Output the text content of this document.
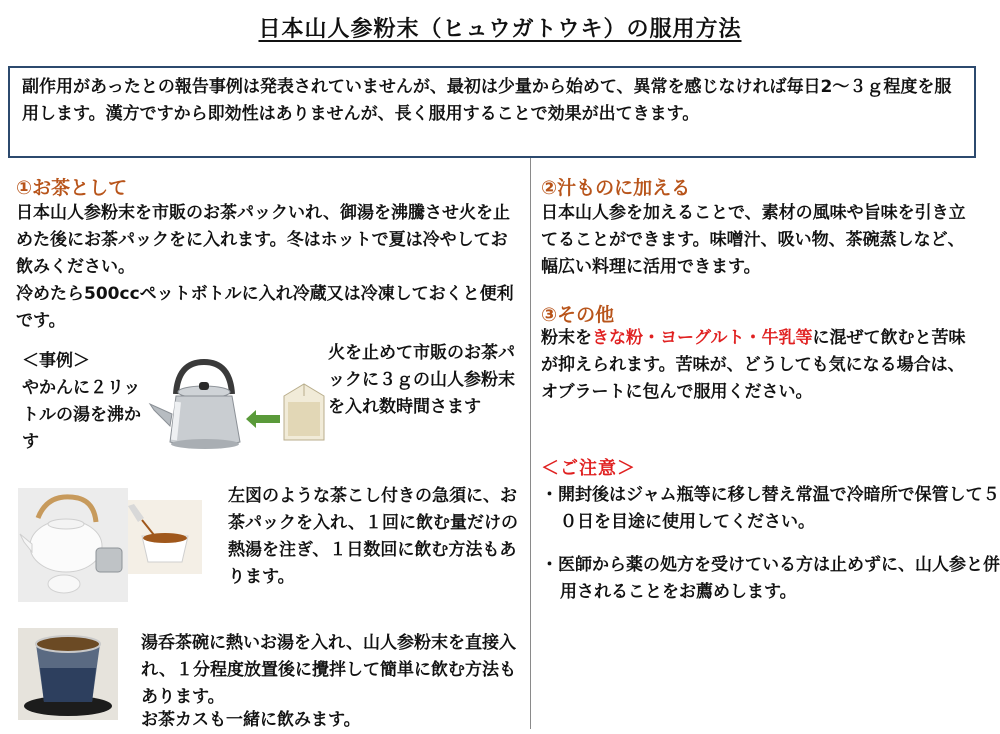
日本山人参粉末（ヒュウガトウキ）の服用方法
副作用があったとの報告事例は発表されていませんが、最初は少量から始めて、異常を感じなければ毎日2～３ｇ程度を服用します。漢方ですから即効性はありませんが、長く服用することで効果が出てきます。
①お茶として
日本山人参粉末を市販のお茶パックいれ、御湯を沸騰させ火を止めた後にお茶パックをに入れます。冬はホットで夏は冷やしてお飲みください。
冷めたら500ccペットボトルに入れ冷蔵又は冷凍しておくと便利です。
＜事例＞
やかんに２リットルの湯を沸かす
火を止めて市販のお茶パックに３ｇの山人参粉末を入れ数時間さます
左図のような茶こし付きの急須に、お茶パックを入れ、１回に飲む量だけの熱湯を注ぎ、１日数回に飲む方法もあります。
湯呑茶碗に熱いお湯を入れ、山人参粉末を直接入れ、１分程度放置後に攪拌して簡単に飲む方法もあります。
お茶カスも一緒に飲みます。
②汁ものに加える
日本山人参を加えることで、素材の風味や旨味を引き立てることができます。味噌汁、吸い物、茶碗蒸しなど、幅広い料理に活用できます。
③その他
粉末をきな粉・ヨーグルト・牛乳等に混ぜて飲むと苦味が抑えられます。苦味が、どうしても気になる場合は、オブラートに包んで服用ください。
＜ご注意＞
・開封後はジャム瓶等に移し替え常温で冷暗所で保管して５０日を目途に使用してください。
・医師から薬の処方を受けている方は止めずに、山人参と併用されることをお薦めします。
